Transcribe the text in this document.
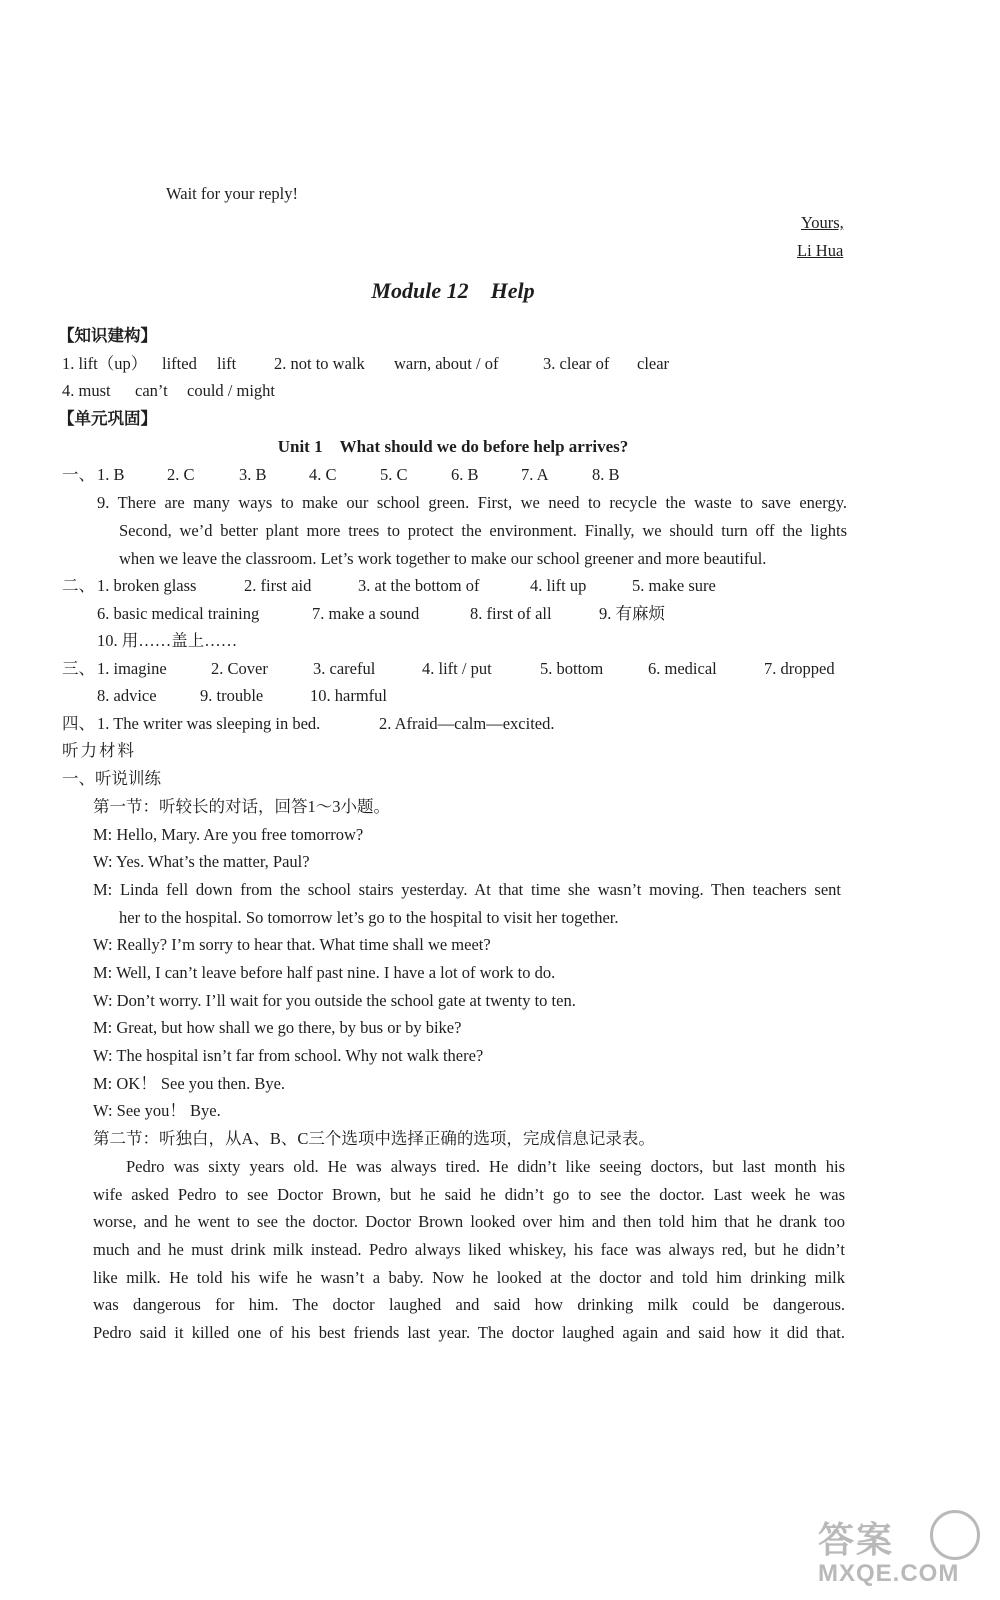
Wait for your reply!
Yours,
Li Hua
Module 12　Help
【知识建构】
1. lift（up） lifted lift 2. not to walk warn, about / of	3. clear of clear
4. must can’t could / might
【单元巩固】
Unit 1　What should we do before help arrives?
一、 1. B	2. C	3. B	4. C	5. C	6. B	7. A	8. B
9. There are many ways to make our school green. First, we need to recycle the waste to save energy.
Second, we’d better plant more trees to protect the environment. Finally, we should turn off the lights
when we leave the classroom. Let’s work together to make our school greener and more beautiful.
二、 1. broken glass	2. first aid	3. at the bottom of	4. lift up	5. make sure
6. basic medical training	7. make a sound	8. first of all	9. 有麻烦
10. 用……盖上……
三、 1. imagine	2. Cover	3. careful	4. lift / put	5. bottom	6. medical	7. dropped
8. advice	9. trouble	10. harmful
四、 1. The writer was sleeping in bed.	2. Afraid—calm—excited.
听力材料
一、听说训练
第一节：听较长的对话，回答1～3小题。
M: Hello, Mary. Are you free tomorrow?
W: Yes. What’s the matter, Paul?
M: Linda fell down from the school stairs yesterday. At that time she wasn’t moving. Then teachers sent
her to the hospital. So tomorrow let’s go to the hospital to visit her together.
W: Really? I’m sorry to hear that. What time shall we meet?
M: Well, I can’t leave before half past nine. I have a lot of work to do.
W: Don’t worry. I’ll wait for you outside the school gate at twenty to ten.
M: Great, but how shall we go there, by bus or by bike?
W: The hospital isn’t far from school. Why not walk there?
M: OK！ See you then. Bye.
W: See you！ Bye.
第二节：听独白，从A、B、C三个选项中选择正确的选项，完成信息记录表。
Pedro was sixty years old. He was always tired. He didn’t like seeing doctors, but last month his
wife asked Pedro to see Doctor Brown, but he said he didn’t go to see the doctor. Last week he was
worse, and he went to see the doctor. Doctor Brown looked over him and then told him that he drank too
much and he must drink milk instead. Pedro always liked whiskey, his face was always red, but he didn’t
like milk. He told his wife he wasn’t a baby. Now he looked at the doctor and told him drinking milk
was dangerous for him. The doctor laughed and said how drinking milk could be dangerous.
Pedro said it killed one of his best friends last year. The doctor laughed again and said how it did that.
答案
MXQE.COM
